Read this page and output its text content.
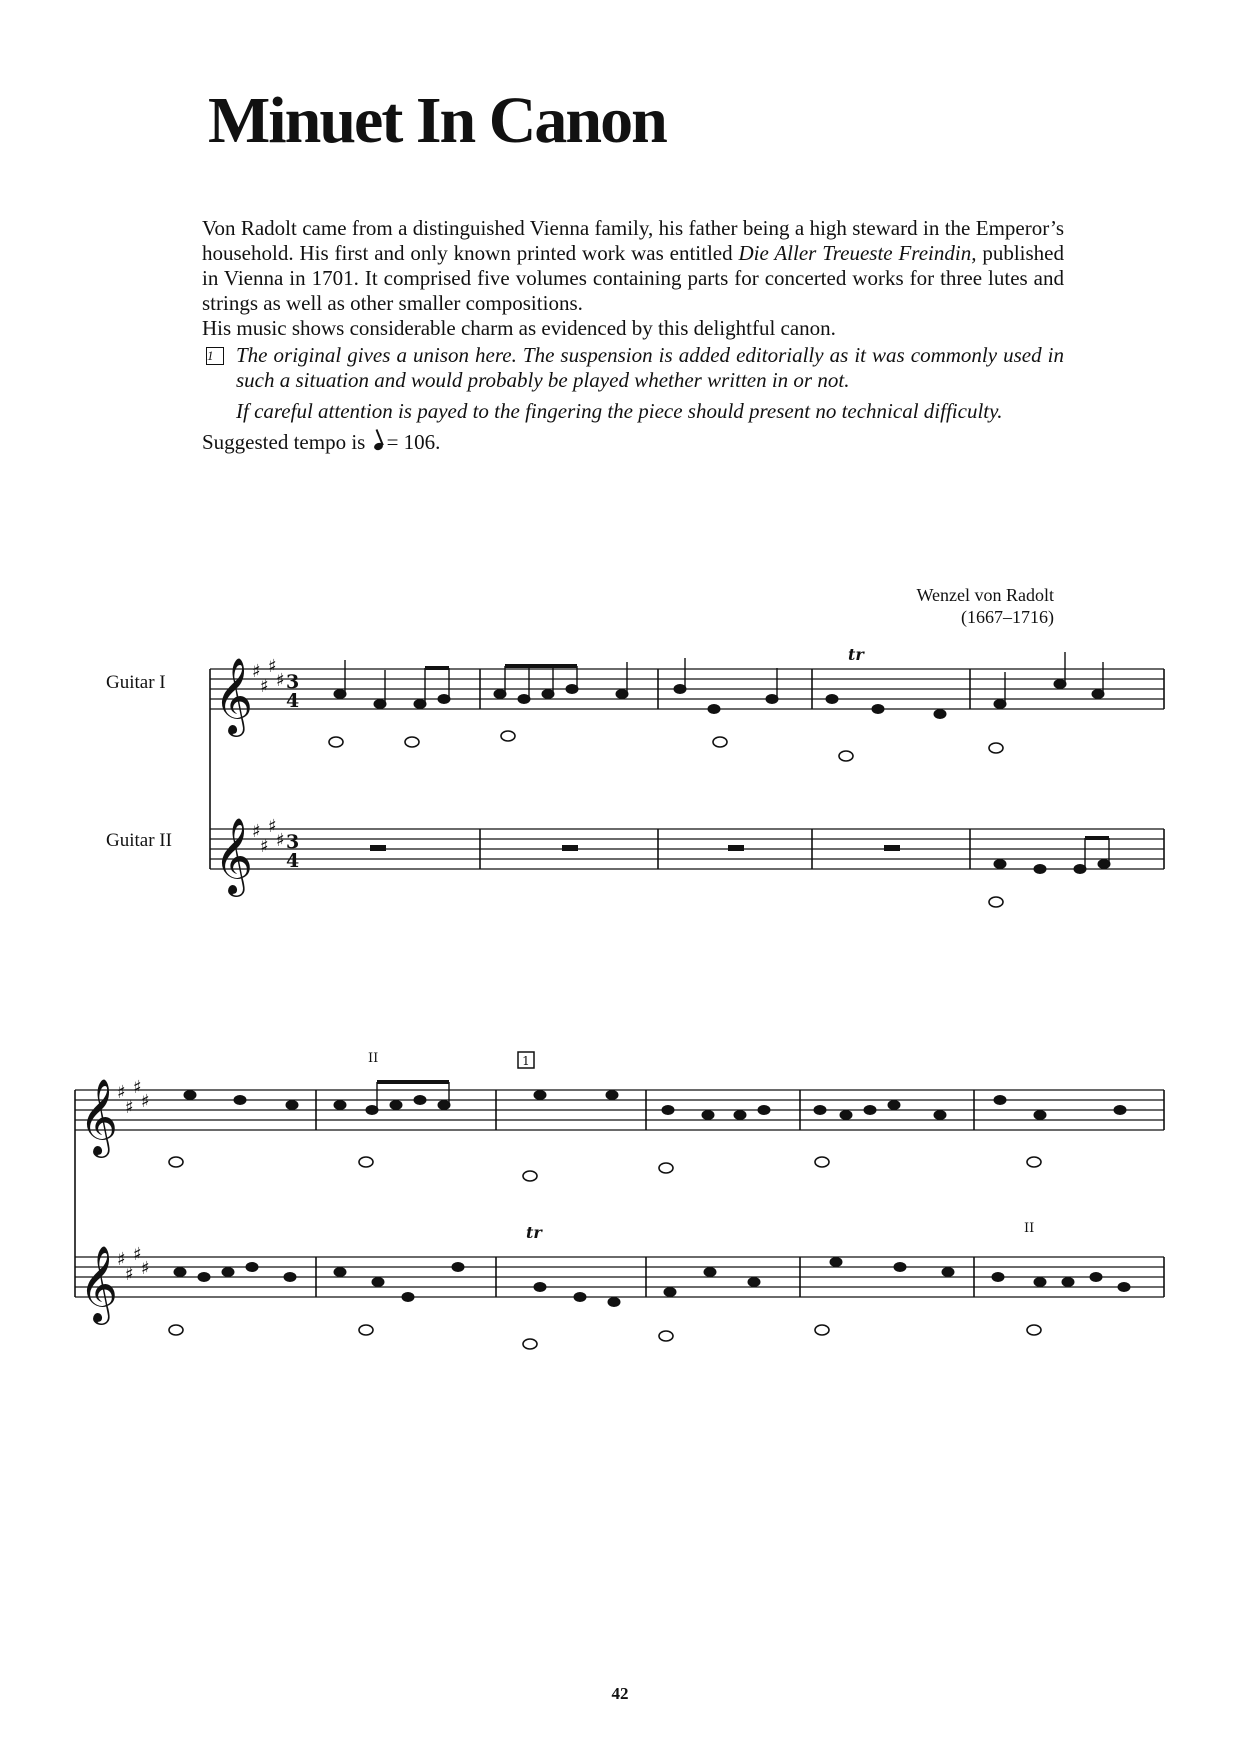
Minuet In Canon

Von Radolt came from a distinguished Vienna family, his father being a high steward in the Emperor’s household. His first and only known printed work was entitled Die Aller Treueste Freindin, published in Vienna in 1701. It comprised five volumes containing parts for concerted works for three lutes and strings as well as other smaller compositions.

His music shows considerable charm as evidenced by this delightful canon.

1	The original gives a unison here. The suspension is added editorially as it was commonly used in such a situation and would probably be played whether written in or not.

If careful attention is payed to the fingering the piece should present no technical difficulty.

Suggested tempo is = 106.

Wenzel von Radolt
(1667–1716)
Guitar I
Guitar II
𝄞
𝄞
𝄞
𝄞
♯
♯
♯
♯
♯
♯
♯
♯
♯
♯
♯
♯
♯
♯
♯
♯
3
4
3
4
tr
tr
II
II
1
42
